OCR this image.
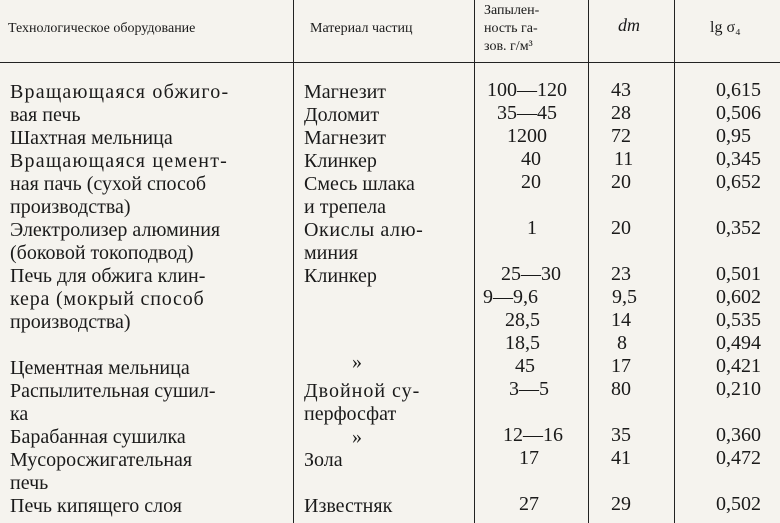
Технологическое оборудование	Материал частиц
Запылен-
ность га-
зов. г/м³
dm	lg σ₄
Вращающаяся обжиго-
вая печь
Шахтная мельница
Вращающаяся цемент-
ная пачь (сухой способ
производства)
Электролизер алюминия
(боковой токоподвод)
Печь для обжига клин-
кера (мокрый способ
производства)
Цементная мельница
Распылительная сушил-
ка
Барабанная сушилка
Мусоросжигательная
печь
Печь кипящего слоя
Магнезит
Доломит
Магнезит
Клинкер
Смесь шлака
и трепела
Окислы алю-
миния
Клинкер
»
Двойной су-
перфосфат
»
Зола
Известняк
100—120
35—45
1200
40
20
1
25—30
9—9,6
28,5
18,5
45
3—5
12—16
17
27
43
28
72
11
20
20
23
9,5
14
8
17
80
35
41
29
0,615
0,506
0,95
0,345
0,652
0,352
0,501
0,602
0,535
0,494
0,421
0,210
0,360
0,472
0,502
